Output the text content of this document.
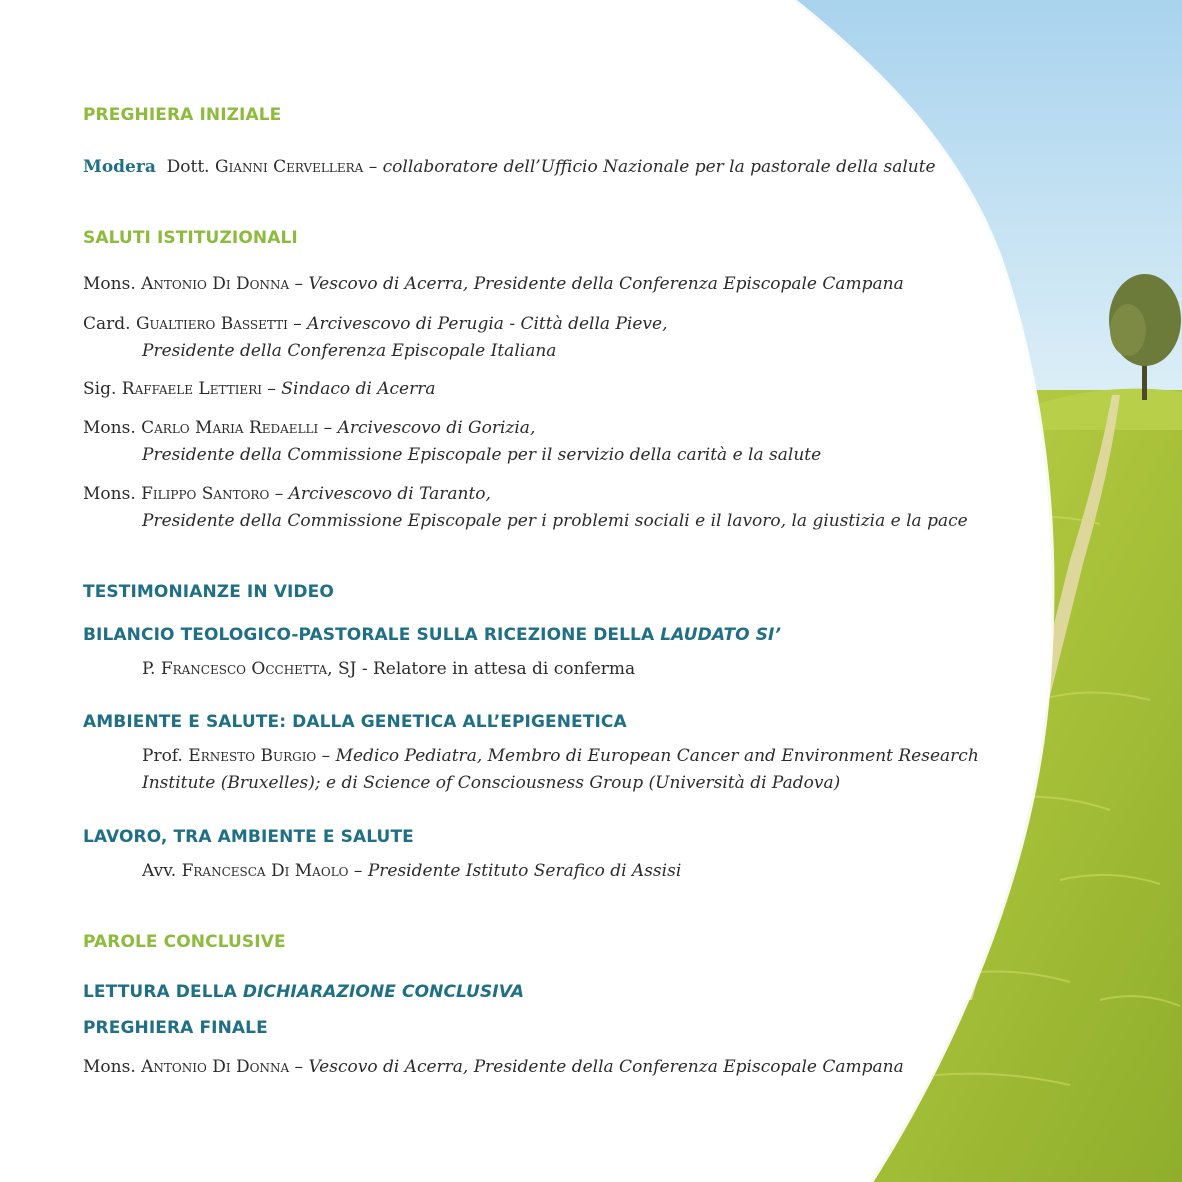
PREGHIERA INIZIALE
Modera Dott. Gianni Cervellera – collaboratore dell’Ufficio Nazionale per la pastorale della salute
SALUTI ISTITUZIONALI
Mons. Antonio Di Donna – Vescovo di Acerra, Presidente della Conferenza Episcopale Campana
Card. Gualtiero Bassetti – Arcivescovo di Perugia - Città della Pieve,
Presidente della Conferenza Episcopale Italiana
Sig. Raffaele Lettieri – Sindaco di Acerra
Mons. Carlo Maria Redaelli – Arcivescovo di Gorizia,
Presidente della Commissione Episcopale per il servizio della carità e la salute
Mons. Filippo Santoro – Arcivescovo di Taranto,
Presidente della Commissione Episcopale per i problemi sociali e il lavoro, la giustizia e la pace
TESTIMONIANZE IN VIDEO
BILANCIO TEOLOGICO-PASTORALE SULLA RICEZIONE DELLA LAUDATO SI’
P. Francesco Occhetta, SJ - Relatore in attesa di conferma
AMBIENTE E SALUTE: DALLA GENETICA ALL’EPIGENETICA
Prof. Ernesto Burgio – Medico Pediatra, Membro di European Cancer and Environment Research
Institute (Bruxelles); e di Science of Consciousness Group (Università di Padova)
LAVORO, TRA AMBIENTE E SALUTE
Avv. Francesca Di Maolo – Presidente Istituto Serafico di Assisi
PAROLE CONCLUSIVE
LETTURA DELLA DICHIARAZIONE CONCLUSIVA
PREGHIERA FINALE
Mons. Antonio Di Donna – Vescovo di Acerra, Presidente della Conferenza Episcopale Campana
